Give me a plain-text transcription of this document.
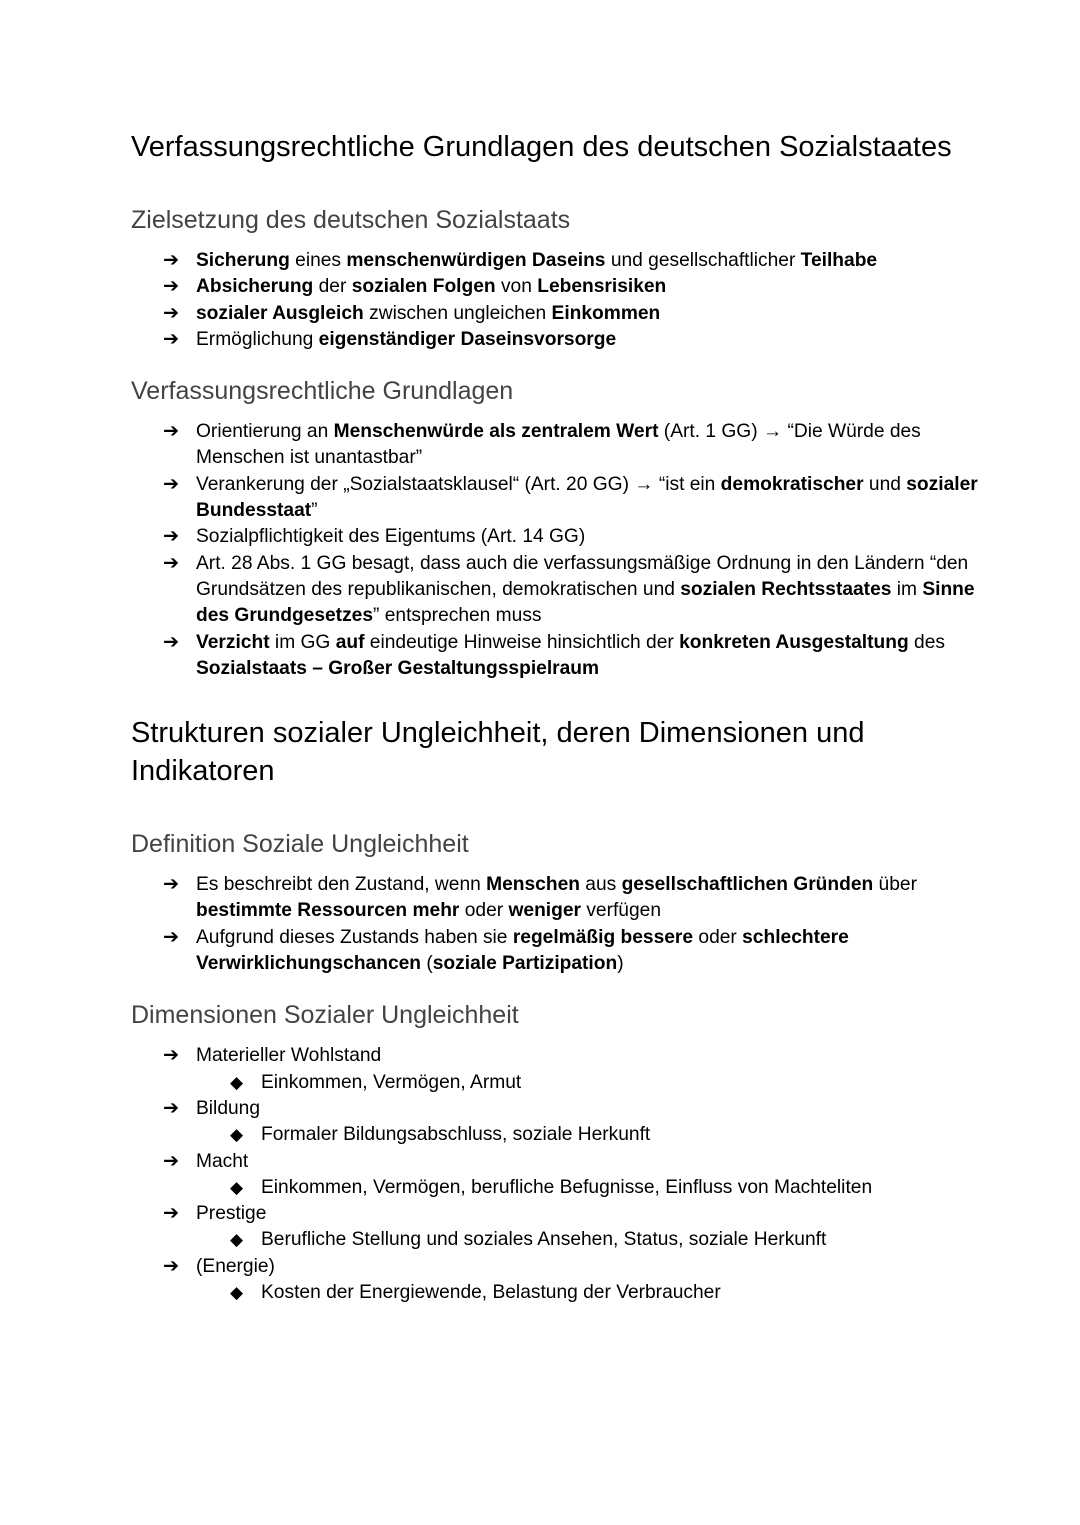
Verfassungsrechtliche Grundlagen des deutschen Sozialstaates
Zielsetzung des deutschen Sozialstaats
➔ Sicherung eines menschenwürdigen Daseins und gesellschaftlicher Teilhabe
➔ Absicherung der sozialen Folgen von Lebensrisiken
➔ sozialer Ausgleich zwischen ungleichen Einkommen
➔ Ermöglichung eigenständiger Daseinsvorsorge
Verfassungsrechtliche Grundlagen
➔ Orientierung an Menschenwürde als zentralem Wert (Art. 1 GG) → “Die Würde des Menschen ist unantastbar”
➔ Verankerung der „Sozialstaatsklausel“ (Art. 20 GG) → “ist ein demokratischer und sozialer Bundesstaat”
➔ Sozialpflichtigkeit des Eigentums (Art. 14 GG)
➔ Art. 28 Abs. 1 GG besagt, dass auch die verfassungsmäßige Ordnung in den Ländern “den Grundsätzen des republikanischen, demokratischen und sozialen Rechtsstaates im Sinne des Grundgesetzes” entsprechen muss
➔ Verzicht im GG auf eindeutige Hinweise hinsichtlich der konkreten Ausgestaltung des Sozialstaats – Großer Gestaltungsspielraum
Strukturen sozialer Ungleichheit, deren Dimensionen und Indikatoren
Definition Soziale Ungleichheit
➔ Es beschreibt den Zustand, wenn Menschen aus gesellschaftlichen Gründen über bestimmte Ressourcen mehr oder weniger verfügen
➔ Aufgrund dieses Zustands haben sie regelmäßig bessere oder schlechtere Verwirklichungschancen (soziale Partizipation)
Dimensionen Sozialer Ungleichheit
➔ Materieller Wohlstand
◆ Einkommen, Vermögen, Armut
➔ Bildung
◆ Formaler Bildungsabschluss, soziale Herkunft
➔ Macht
◆ Einkommen, Vermögen, berufliche Befugnisse, Einfluss von Machteliten
➔ Prestige
◆ Berufliche Stellung und soziales Ansehen, Status, soziale Herkunft
➔ (Energie)
◆ Kosten der Energiewende, Belastung der Verbraucher
